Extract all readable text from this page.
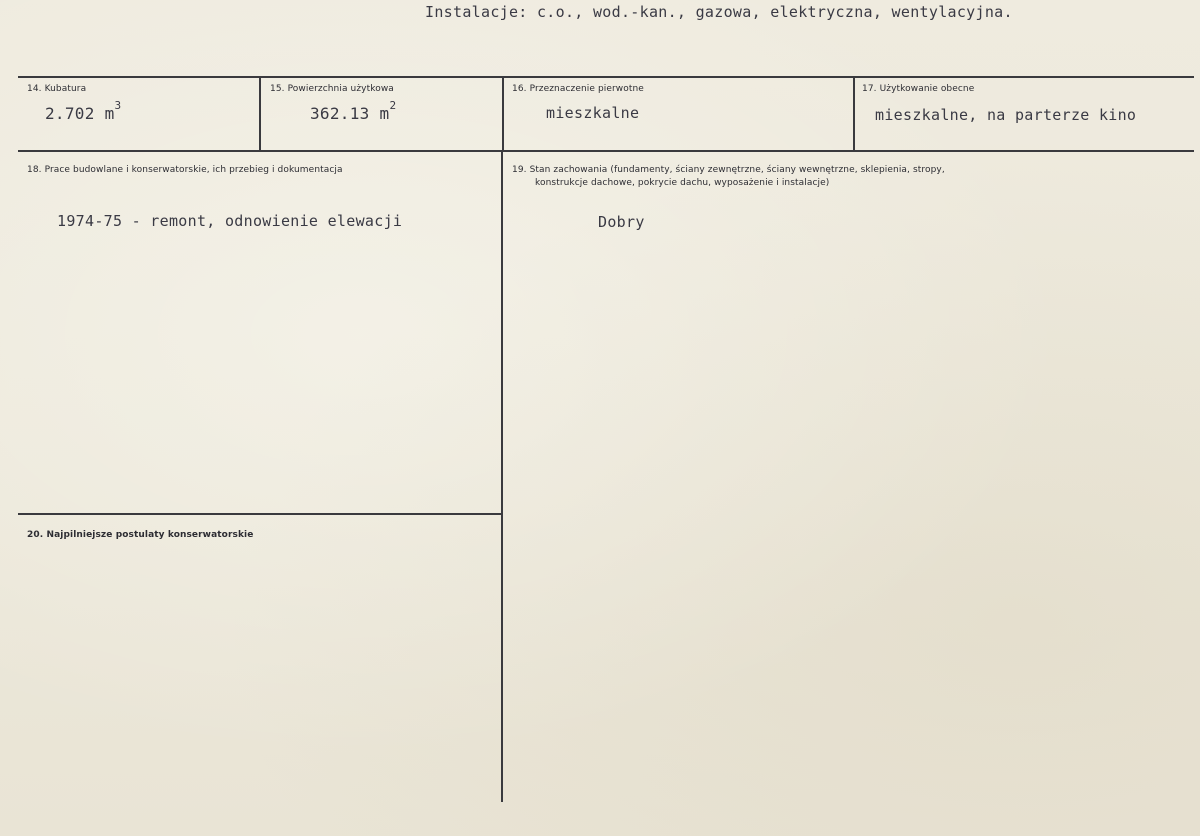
Instalacje: c.o., wod.-kan., gazowa, elektryczna, wentylacyjna.
14. Kubatura
2.702 $m^3$
15. Powierzchnia użytkowa
362.13 $m^2$
16. Przeznaczenie pierwotne
mieszkalne
17. Użytkowanie obecne
mieszkalne, na parterze kino
18. Prace budowlane i konserwatorskie, ich przebieg i dokumentacja
1974-75 - remont, odnowienie elewacji
19. Stan zachowania (fundamenty, ściany zewnętrzne, ściany wewnętrzne, sklepienia, stropy,
konstrukcje dachowe, pokrycie dachu, wyposażenie i instalacje)
Dobry
20. Najpilniejsze postulaty konserwatorskie
